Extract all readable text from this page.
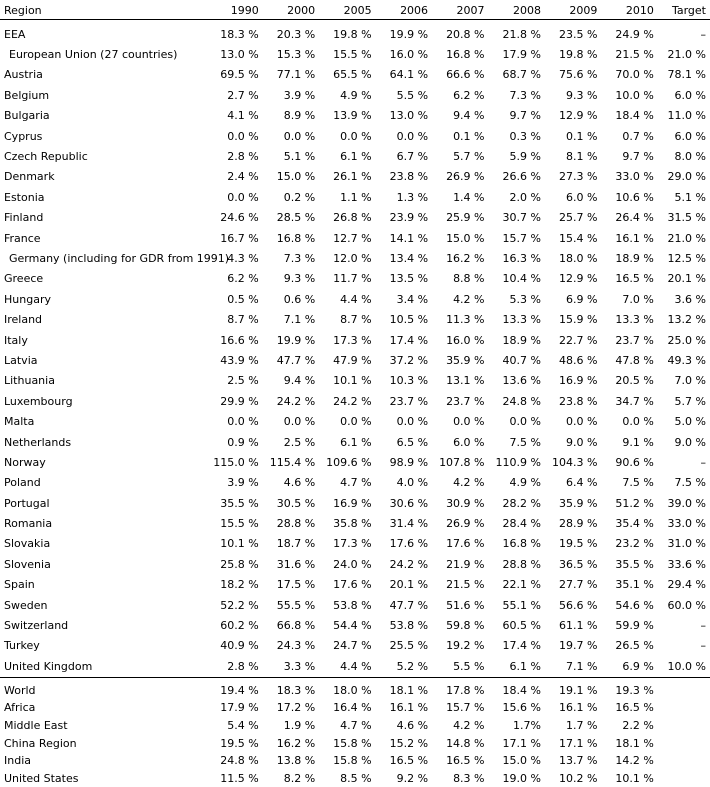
Region	1990	2000	2005	2006	2007	2008	2009	2010	Target
EEA	18.3 %	20.3 %	19.8 %	19.9 %	20.8 %	21.8 %	23.5 %	24.9 %	–
European Union (27 countries)	13.0 %	15.3 %	15.5 %	16.0 %	16.8 %	17.9 %	19.8 %	21.5 %	21.0 %
Austria	69.5 %	77.1 %	65.5 %	64.1 %	66.6 %	68.7 %	75.6 %	70.0 %	78.1 %
Belgium	2.7 %	3.9 %	4.9 %	5.5 %	6.2 %	7.3 %	9.3 %	10.0 %	6.0 %
Bulgaria	4.1 %	8.9 %	13.9 %	13.0 %	9.4 %	9.7 %	12.9 %	18.4 %	11.0 %
Cyprus	0.0 %	0.0 %	0.0 %	0.0 %	0.1 %	0.3 %	0.1 %	0.7 %	6.0 %
Czech Republic	2.8 %	5.1 %	6.1 %	6.7 %	5.7 %	5.9 %	8.1 %	9.7 %	8.0 %
Denmark	2.4 %	15.0 %	26.1 %	23.8 %	26.9 %	26.6 %	27.3 %	33.0 %	29.0 %
Estonia	0.0 %	0.2 %	1.1 %	1.3 %	1.4 %	2.0 %	6.0 %	10.6 %	5.1 %
Finland	24.6 %	28.5 %	26.8 %	23.9 %	25.9 %	30.7 %	25.7 %	26.4 %	31.5 %
France	16.7 %	16.8 %	12.7 %	14.1 %	15.0 %	15.7 %	15.4 %	16.1 %	21.0 %
Germany (including for GDR from 1991)	4.3 %	7.3 %	12.0 %	13.4 %	16.2 %	16.3 %	18.0 %	18.9 %	12.5 %
Greece	6.2 %	9.3 %	11.7 %	13.5 %	8.8 %	10.4 %	12.9 %	16.5 %	20.1 %
Hungary	0.5 %	0.6 %	4.4 %	3.4 %	4.2 %	5.3 %	6.9 %	7.0 %	3.6 %
Ireland	8.7 %	7.1 %	8.7 %	10.5 %	11.3 %	13.3 %	15.9 %	13.3 %	13.2 %
Italy	16.6 %	19.9 %	17.3 %	17.4 %	16.0 %	18.9 %	22.7 %	23.7 %	25.0 %
Latvia	43.9 %	47.7 %	47.9 %	37.2 %	35.9 %	40.7 %	48.6 %	47.8 %	49.3 %
Lithuania	2.5 %	9.4 %	10.1 %	10.3 %	13.1 %	13.6 %	16.9 %	20.5 %	7.0 %
Luxembourg	29.9 %	24.2 %	24.2 %	23.7 %	23.7 %	24.8 %	23.8 %	34.7 %	5.7 %
Malta	0.0 %	0.0 %	0.0 %	0.0 %	0.0 %	0.0 %	0.0 %	0.0 %	5.0 %
Netherlands	0.9 %	2.5 %	6.1 %	6.5 %	6.0 %	7.5 %	9.0 %	9.1 %	9.0 %
Norway	115.0 %	115.4 %	109.6 %	98.9 %	107.8 %	110.9 %	104.3 %	90.6 %	–
Poland	3.9 %	4.6 %	4.7 %	4.0 %	4.2 %	4.9 %	6.4 %	7.5 %	7.5 %
Portugal	35.5 %	30.5 %	16.9 %	30.6 %	30.9 %	28.2 %	35.9 %	51.2 %	39.0 %
Romania	15.5 %	28.8 %	35.8 %	31.4 %	26.9 %	28.4 %	28.9 %	35.4 %	33.0 %
Slovakia	10.1 %	18.7 %	17.3 %	17.6 %	17.6 %	16.8 %	19.5 %	23.2 %	31.0 %
Slovenia	25.8 %	31.6 %	24.0 %	24.2 %	21.9 %	28.8 %	36.5 %	35.5 %	33.6 %
Spain	18.2 %	17.5 %	17.6 %	20.1 %	21.5 %	22.1 %	27.7 %	35.1 %	29.4 %
Sweden	52.2 %	55.5 %	53.8 %	47.7 %	51.6 %	55.1 %	56.6 %	54.6 %	60.0 %
Switzerland	60.2 %	66.8 %	54.4 %	53.8 %	59.8 %	60.5 %	61.1 %	59.9 %	–
Turkey	40.9 %	24.3 %	24.7 %	25.5 %	19.2 %	17.4 %	19.7 %	26.5 %	–
United Kingdom	2.8 %	3.3 %	4.4 %	5.2 %	5.5 %	6.1 %	7.1 %	6.9 %	10.0 %
World	19.4 %	18.3 %	18.0 %	18.1 %	17.8 %	18.4 %	19.1 %	19.3 %	
Africa	17.9 %	17.2 %	16.4 %	16.1 %	15.7 %	15.6 %	16.1 %	16.5 %	
Middle East	5.4 %	1.9 %	4.7 %	4.6 %	4.2 %	1.7%	1.7 %	2.2 %	
China Region	19.5 %	16.2 %	15.8 %	15.2 %	14.8 %	17.1 %	17.1 %	18.1 %	
India	24.8 %	13.8 %	15.8 %	16.5 %	16.5 %	15.0 %	13.7 %	14.2 %	
United States	11.5 %	8.2 %	8.5 %	9.2 %	8.3 %	19.0 %	10.2 %	10.1 %	
